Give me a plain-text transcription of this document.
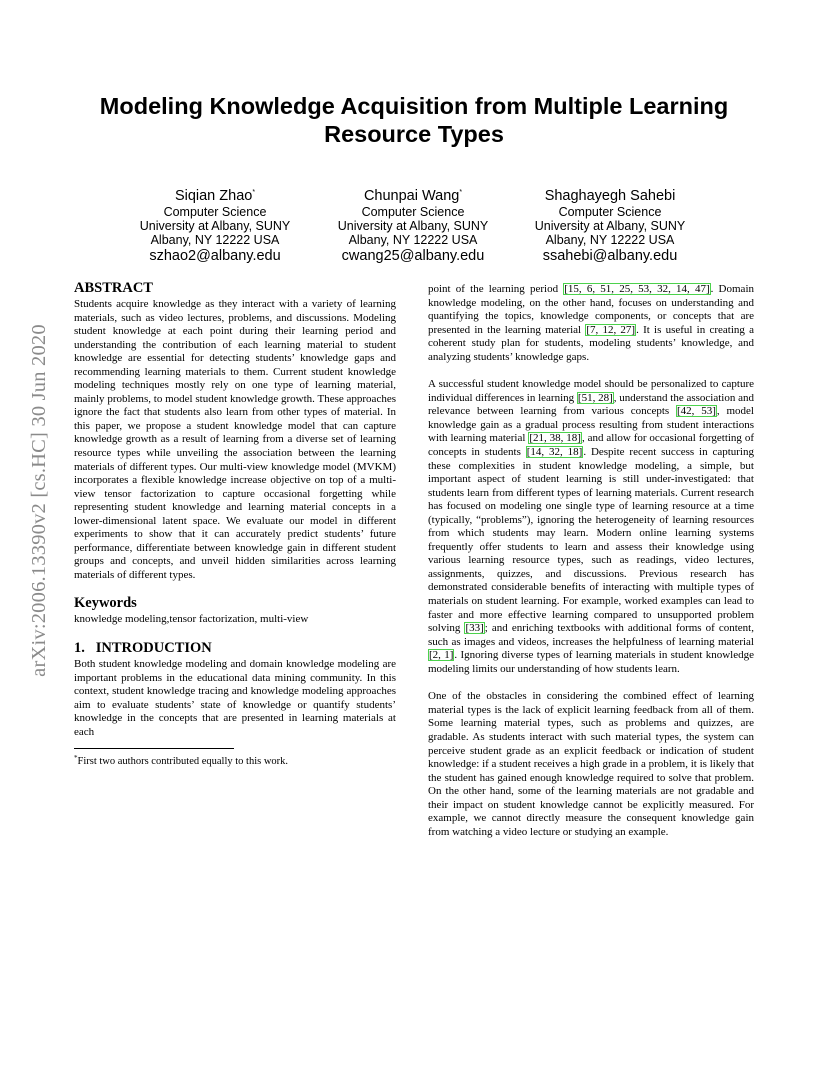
arXiv:2006.13390v2 [cs.HC] 30 Jun 2020
Modeling Knowledge Acquisition from Multiple Learning
Resource Types
Siqian Zhao*
Computer Science
University at Albany, SUNY
Albany, NY 12222 USA
szhao2@albany.edu
Chunpai Wang*
Computer Science
University at Albany, SUNY
Albany, NY 12222 USA
cwang25@albany.edu
Shaghayegh Sahebi
Computer Science
University at Albany, SUNY
Albany, NY 12222 USA
ssahebi@albany.edu
ABSTRACT

Students acquire knowledge as they interact with a variety of learning materials, such as video lectures, problems, and discussions. Modeling student knowledge at each point during their learning period and understanding the contribution of each learning material to student knowledge are essential for detecting students’ knowledge gaps and recommending learning materials to them. Current student knowledge modeling techniques mostly rely on one type of learning material, mainly problems, to model student knowledge growth. These approaches ignore the fact that students also learn from other types of material. In this paper, we propose a student knowledge model that can capture knowledge growth as a result of learning from a diverse set of learning resource types while unveiling the association between the learning materials of different types. Our multi-view knowledge model (MVKM) incorporates a flexible knowledge increase objective on top of a multi-view tensor factorization to capture occasional forgetting while representing student knowledge and learning material concepts in a lower-dimensional latent space. We evaluate our model in different experiments to show that it can accurately predict students’ future performance, differentiate between knowledge gain in different student groups and concepts, and unveil hidden similarities across learning materials of different types.

Keywords

knowledge modeling,tensor factorization, multi-view

1.   INTRODUCTION

Both student knowledge modeling and domain knowledge modeling are important problems in the educational data mining community. In this context, student knowledge tracing and knowledge modeling approaches aim to evaluate students’ state of knowledge or quantify students’ knowledge in the concepts that are presented in learning materials at each

*First two authors contributed equally to this work.

point of the learning period [15, 6, 51, 25, 53, 32, 14, 47]. Domain knowledge modeling, on the other hand, focuses on understanding and quantifying the topics, knowledge components, or concepts that are presented in the learning material [7, 12, 27]. It is useful in creating a coherent study plan for students, modeling students’ knowledge, and analyzing students’ knowledge gaps.

A successful student knowledge model should be personalized to capture individual differences in learning [51, 28], understand the association and relevance between learning from various concepts [42, 53], model knowledge gain as a gradual process resulting from student interactions with learning material [21, 38, 18], and allow for occasional forgetting of concepts in students [14, 32, 18]. Despite recent success in capturing these complexities in student knowledge modeling, a simple, but important aspect of student learning is still under-investigated: that students learn from different types of learning materials. Current research has focused on modeling one single type of learning resource at a time (typically, “problems”), ignoring the heterogeneity of learning resources from which students may learn. Modern online learning systems frequently offer students to learn and assess their knowledge using various learning resource types, such as readings, video lectures, assignments, quizzes, and discussions. Previous research has demonstrated considerable benefits of interacting with multiple types of materials on student learning. For example, worked examples can lead to faster and more effective learning compared to unsupported problem solving [33]; and enriching textbooks with additional forms of content, such as images and videos, increases the helpfulness of learning material [2, 1]. Ignoring diverse types of learning materials in student knowledge modeling limits our understanding of how students learn.

One of the obstacles in considering the combined effect of learning material types is the lack of explicit learning feedback from all of them. Some learning material types, such as problems and quizzes, are gradable. As students interact with such material types, the system can perceive student grade as an explicit feedback or indication of student knowledge: if a student receives a high grade in a problem, it is likely that the student has gained enough knowledge required to solve that problem. On the other hand, some of the learning materials are not gradable and their impact on student knowledge cannot be explicitly measured. For example, we cannot directly measure the consequent knowledge gain from watching a video lecture or studying an example.
